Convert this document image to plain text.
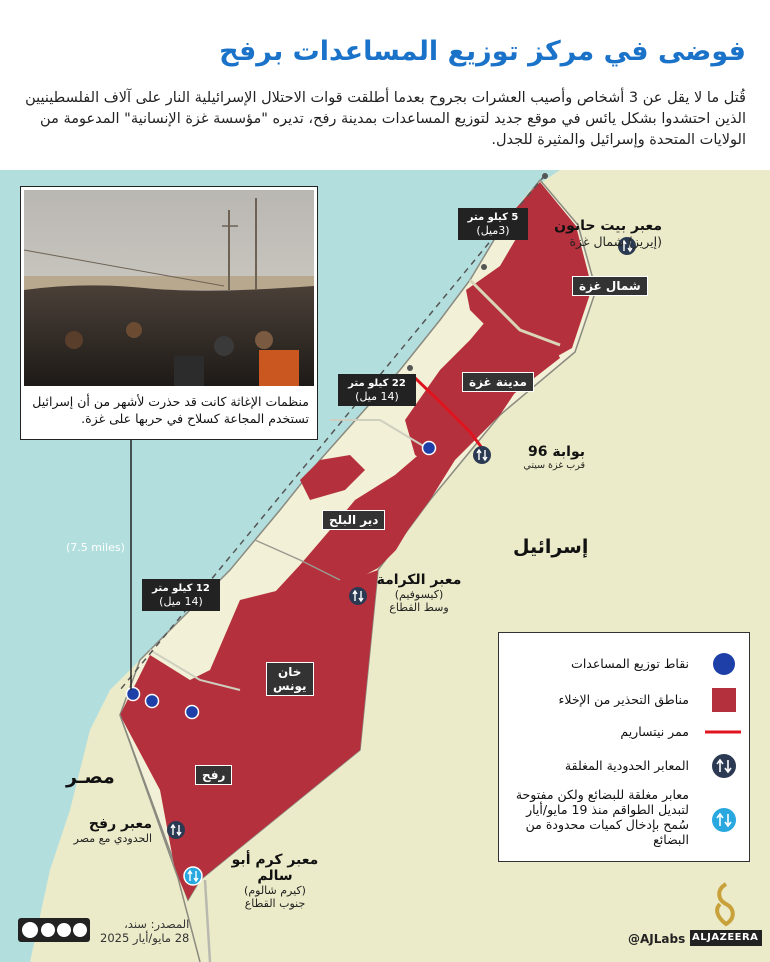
فوضى في مركز توزيع المساعدات برفح
قُتل ما لا يقل عن 3 أشخاص وأصيب العشرات بجروح بعدما أطلقت قوات الاحتلال الإسرائيلية النار على آلاف الفلسطينيين الذين احتشدوا بشكل يائس في موقع جديد لتوزيع المساعدات بمدينة رفح، تديره "مؤسسة غزة الإنسانية" المدعومة من الولايات المتحدة وإسرائيل والمثيرة للجدل.
منظمات الإغاثة كانت قد حذرت لأشهر من أن إسرائيل تستخدم المجاعة كسلاح في حربها على غزة.
شمال غزة
مدينة غزة
دير البلح
خان
يونس
رفح
إسرائيل
مصـر
معبر بيت حانون
(إيريز) شمال غزة
بوابة 96
قرب غزة سيتي
معبر الكرامة
(كيسوفيم)
وسط القطاع
معبر رفح
الحدودي مع مصر
معبر كرم أبو سالم
(كيرم شالوم)
جنوب القطاع
5 كيلو متر
(3ميل)
22 كيلو متر
(14 ميل)
12 كيلو متر
(14 ميل)
(7.5 miles)
نقاط توزيع المساعدات
مناطق التحذير من الإخلاء
ممر نيتساريم
المعابر الحدودية المغلقة
معابر مغلقة للبضائع ولكن مفتوحة لتبديل الطواقم منذ 19 مايو/أيار سُمح بإدخال كميات محدودة من البضائع
المصدر: سند،
28 مايو/أيار 2025	@AJLabs ALJAZEERA
